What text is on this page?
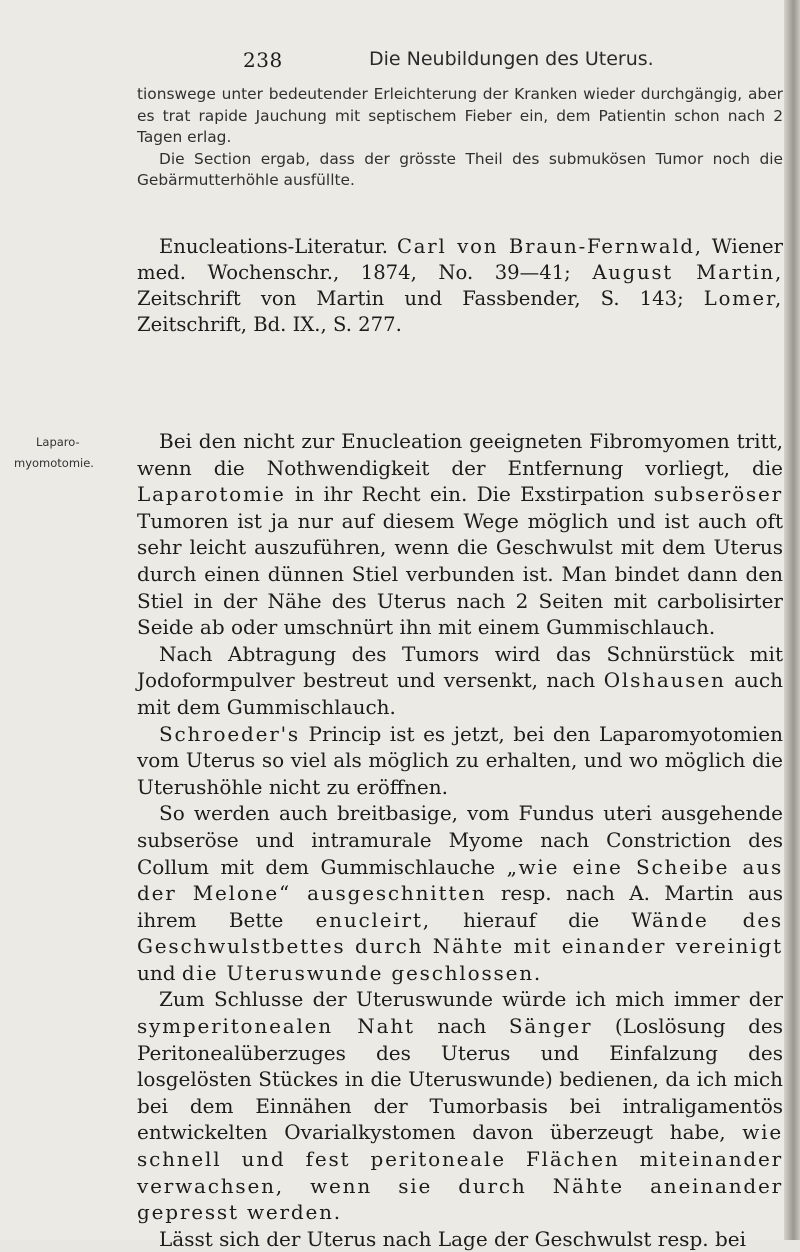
238	Die Neubildungen des Uterus.

tionswege unter bedeutender Erleichterung der Kranken wieder durchgängig, aber es trat rapide Jauchung mit septischem Fieber ein, dem Patientin schon nach 2 Tagen erlag.

Die Section ergab, dass der grösste Theil des submukösen Tumor noch die Gebärmutterhöhle ausfüllte.

Enucleations-Literatur. Carl von Braun-Fernwald, Wiener med. Wochenschr., 1874, No. 39—41; August Martin, Zeitschrift von Martin und Fassbender, S. 143; Lomer, Zeitschrift, Bd. IX., S. 277.

Laparo-
myomotomie.

Bei den nicht zur Enucleation geeigneten Fibromyomen tritt, wenn die Nothwendigkeit der Entfernung vorliegt, die Laparotomie in ihr Recht ein. Die Exstirpation subseröser Tumoren ist ja nur auf diesem Wege möglich und ist auch oft sehr leicht auszuführen, wenn die Geschwulst mit dem Uterus durch einen dünnen Stiel verbunden ist. Man bindet dann den Stiel in der Nähe des Uterus nach 2 Seiten mit carbolisirter Seide ab oder umschnürt ihn mit einem Gummischlauch.

Nach Abtragung des Tumors wird das Schnürstück mit Jodoformpulver bestreut und versenkt, nach Olshausen auch mit dem Gummischlauch.

Schroeder's Princip ist es jetzt, bei den Laparomyotomien vom Uterus so viel als möglich zu erhalten, und wo möglich die Uterushöhle nicht zu eröffnen.

So werden auch breitbasige, vom Fundus uteri ausgehende subseröse und intramurale Myome nach Constriction des Collum mit dem Gummischlauche „wie eine Scheibe aus der Melone“ ausgeschnitten resp. nach A. Martin aus ihrem Bette enucleirt, hierauf die Wände des Geschwulstbettes durch Nähte mit einander vereinigt und die Uteruswunde geschlossen.

Zum Schlusse der Uteruswunde würde ich mich immer der symperitonealen Naht nach Sänger (Loslösung des Peritonealüberzuges des Uterus und Einfalzung des losgelösten Stückes in die Uteruswunde) bedienen, da ich mich bei dem Einnähen der Tumorbasis bei intraligamentös entwickelten Ovarialkystomen davon überzeugt habe, wie schnell und fest peritoneale Flächen miteinander verwachsen, wenn sie durch Nähte aneinander gepresst werden.

Lässt sich der Uterus nach Lage der Geschwulst resp. bei
